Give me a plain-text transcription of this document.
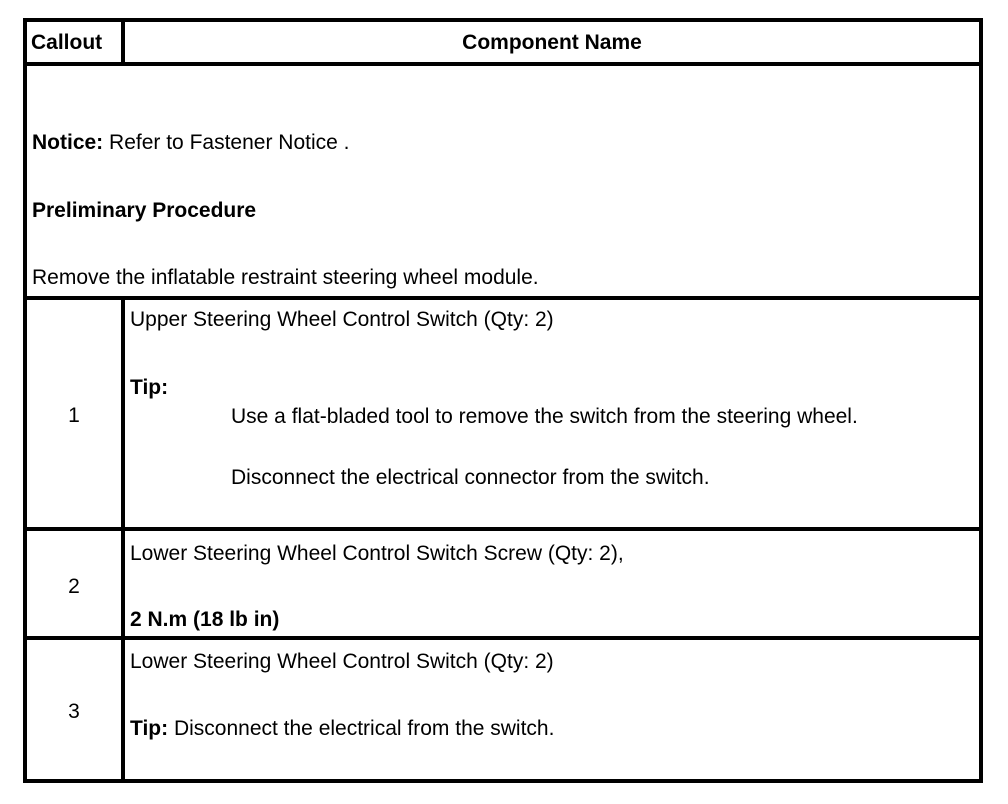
Callout	Component Name
Notice: Refer to Fastener Notice .
Preliminary Procedure
Remove the inflatable restraint steering wheel module.
1
Upper Steering Wheel Control Switch (Qty: 2)
Tip:
Use a flat-bladed tool to remove the switch from the steering wheel.
Disconnect the electrical connector from the switch.
2
Lower Steering Wheel Control Switch Screw (Qty: 2),
2 N.m (18 lb in)
3
Lower Steering Wheel Control Switch (Qty: 2)
Tip: Disconnect the electrical from the switch.
